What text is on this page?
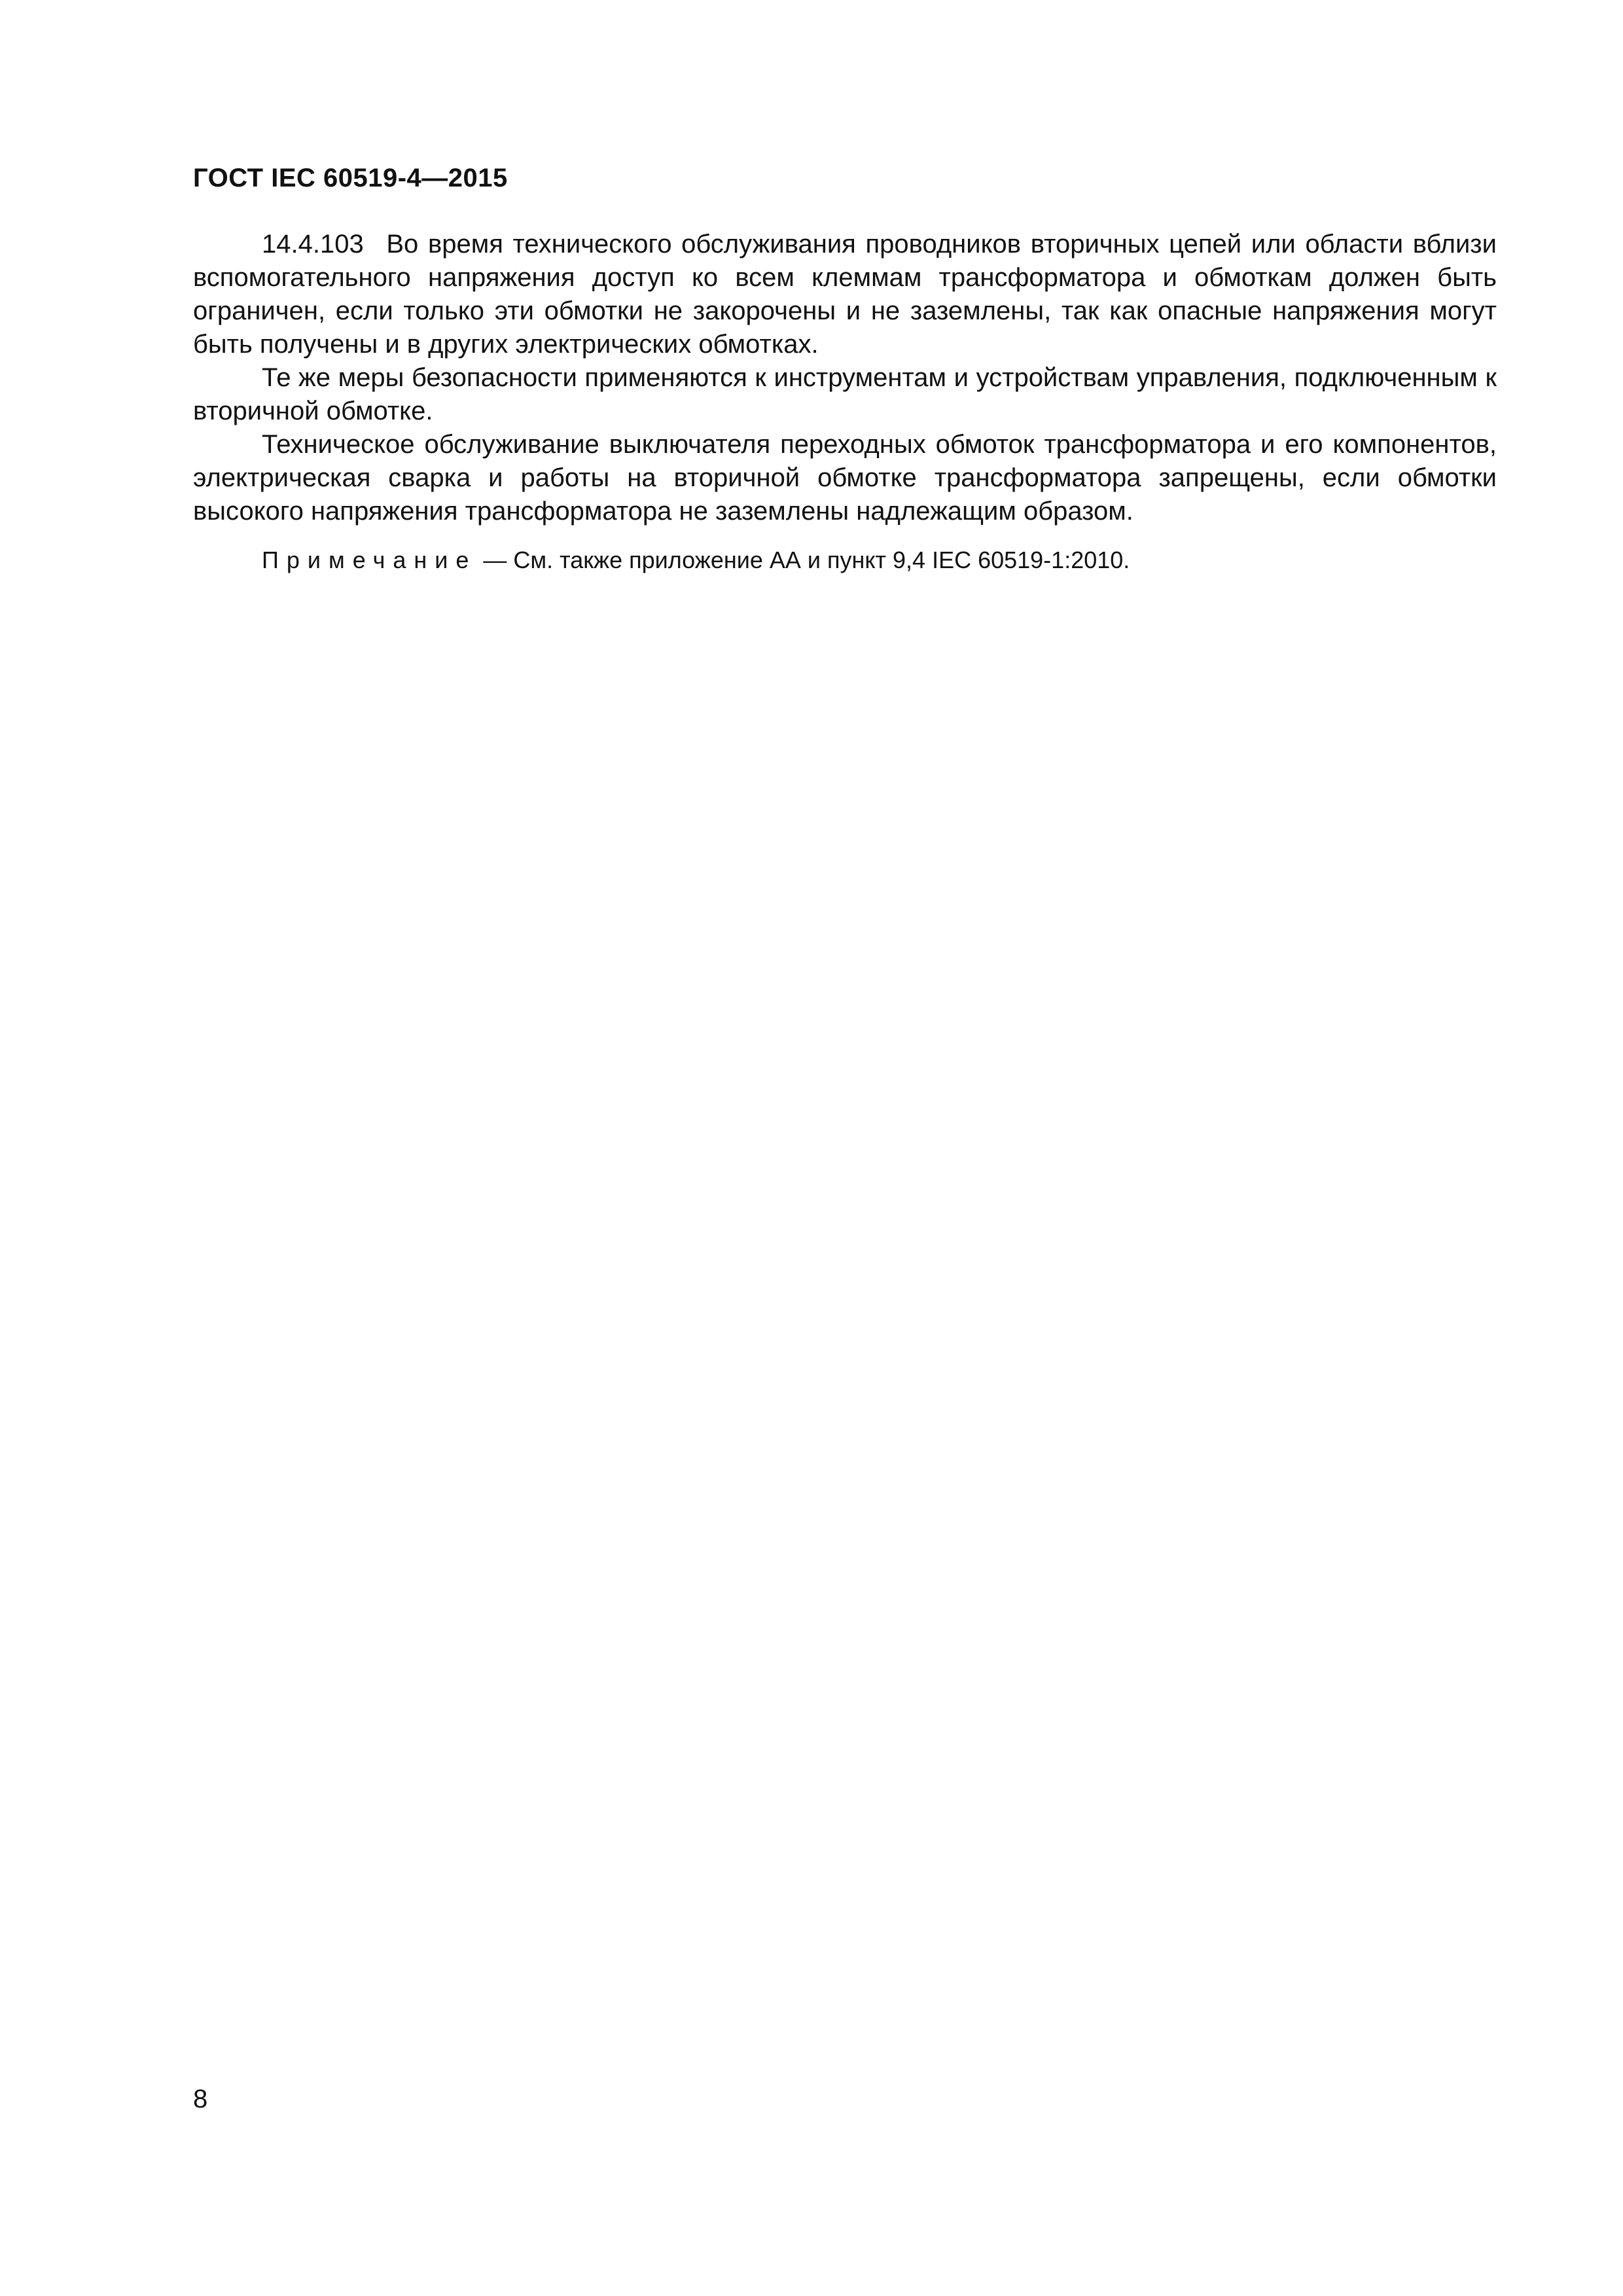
ГОСТ IEC 60519-4—2015

14.4.103 Во время технического обслуживания проводников вторичных цепей или области вблизи вспомогательного напряжения доступ ко всем клеммам трансформатора и обмоткам должен быть ограничен, если только эти обмотки не закорочены и не заземлены, так как опасные напряжения могут быть получены и в других электрических обмотках.

Те же меры безопасности применяются к инструментам и устройствам управления, подключенным к вторичной обмотке.

Техническое обслуживание выключателя переходных обмоток трансформатора и его компонентов, электрическая сварка и работы на вторичной обмотке трансформатора запрещены, если обмотки высокого напряжения трансформатора не заземлены надлежащим образом.

Примечание — См. также приложение АА и пункт 9,4 IEC 60519-1:2010.

8
